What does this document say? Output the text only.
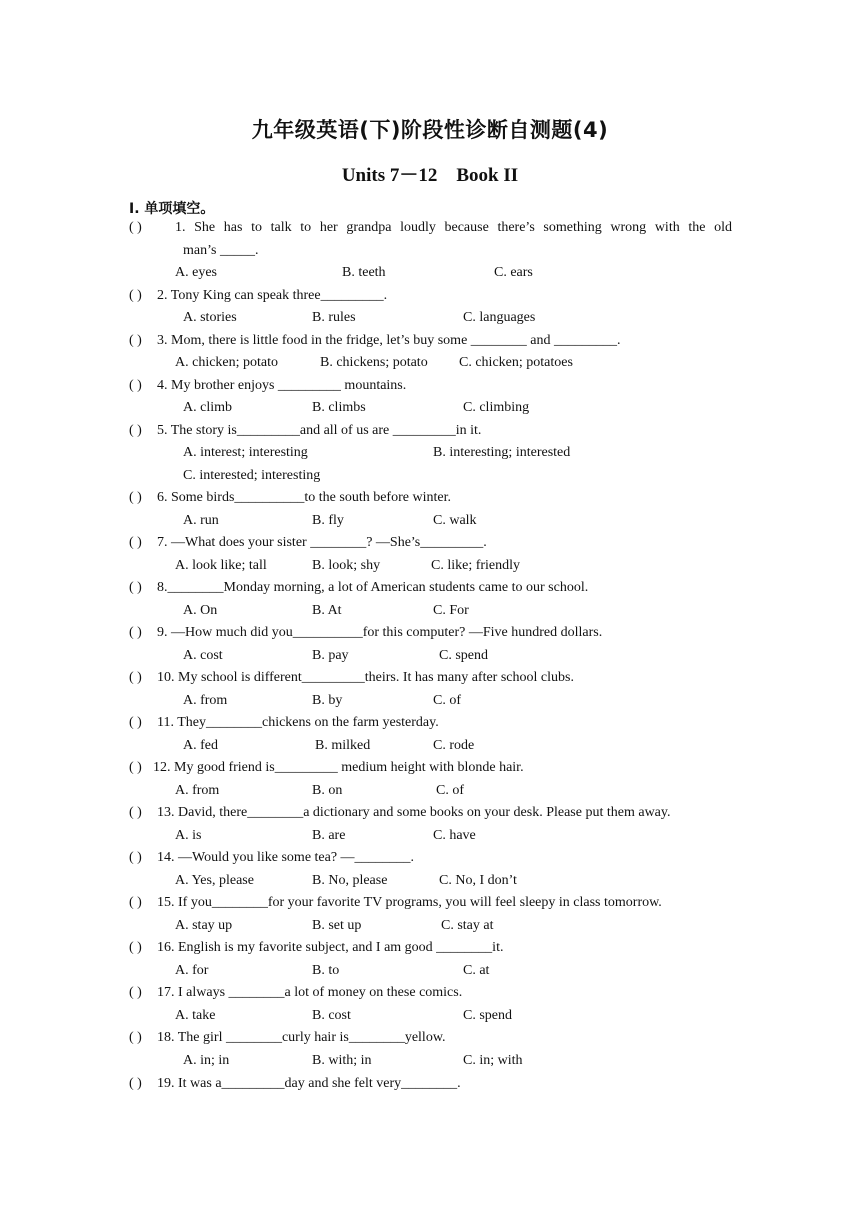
九年级英语(下)阶段性诊断自测题(4)
Units 7－12　Book II
I. 单项填空。
( )	1. She has to talk to her grandpa loudly because there’s something wrong with the old
man’s _____.
A. eyes	B. teeth	C. ears
( ) 2. Tony King can speak three_________.
A. stories	B. rules	C. languages
( ) 3. Mom, there is little food in the fridge, let’s buy some ________ and _________.
A. chicken; potato	B. chickens; potato C. chicken; potatoes
( ) 4. My brother enjoys _________ mountains.
A. climb	B. climbs	C. climbing
( ) 5. The story is_________and all of us are _________in it.
A. interest; interesting	B. interesting; interested
C. interested; interesting
( ) 6. Some birds__________to the south before winter.
A. run	B. fly	C. walk
( ) 7. —What does your sister ________? —She’s_________.
A. look like; tall	B. look; shy	C. like; friendly
( ) 8.________Monday morning, a lot of American students came to our school.
A. On	B. At	C. For
( ) 9. —How much did you__________for this computer? —Five hundred dollars.
A. cost	B. pay	C. spend
( ) 10. My school is different_________theirs. It has many after school clubs.
A. from	B. by	C. of
( ) 11. They________chickens on the farm yesterday.
A. fed	B. milked	C. rode
( ) 12. My good friend is_________ medium height with blonde hair.
A. from	B. on	C. of
( ) 13. David, there________a dictionary and some books on your desk. Please put them away.
A. is	B. are	C. have
( ) 14. —Would you like some tea? —________.
A. Yes, please	B. No, please	C. No, I don’t
( ) 15. If you________for your favorite TV programs, you will feel sleepy in class tomorrow.
A. stay up	B. set up	C. stay at
( ) 16. English is my favorite subject, and I am good ________it.
A. for	B. to	C. at
( ) 17. I always ________a lot of money on these comics.
A. take	B. cost	C. spend
( ) 18. The girl ________curly hair is________yellow.
A. in; in	B. with; in	C. in; with
( ) 19. It was a_________day and she felt very________.
